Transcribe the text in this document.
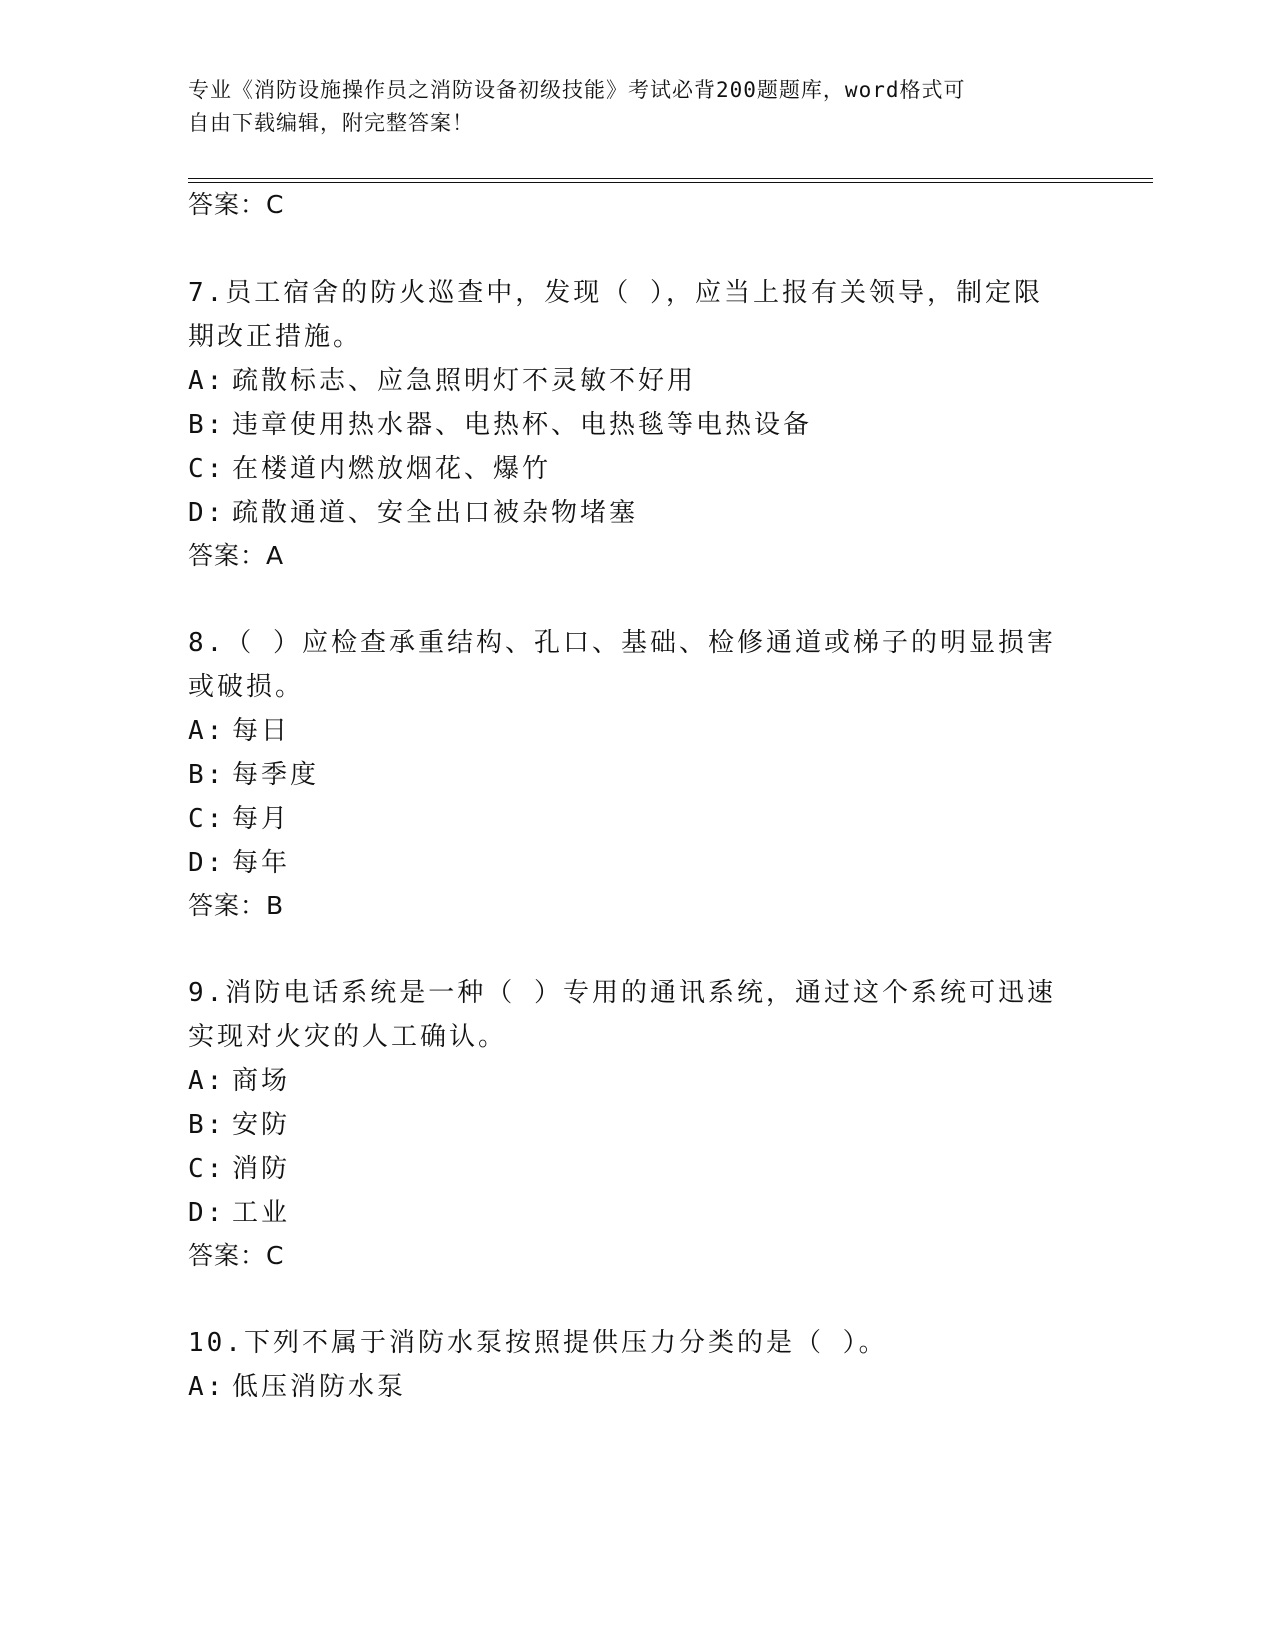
专业《消防设施操作员之消防设备初级技能》考试必背200题题库，word格式可
自由下载编辑，附完整答案！
答案：C
7.员工宿舍的防火巡查中，发现（ ），应当上报有关领导，制定限
期改正措施。
A: 疏散标志、应急照明灯不灵敏不好用
B: 违章使用热水器、电热杯、电热毯等电热设备
C: 在楼道内燃放烟花、爆竹
D: 疏散通道、安全出口被杂物堵塞
答案：A
8.（ ）应检查承重结构、孔口、基础、检修通道或梯子的明显损害
或破损。
A: 每日
B: 每季度
C: 每月
D: 每年
答案：B
9.消防电话系统是一种（ ）专用的通讯系统，通过这个系统可迅速
实现对火灾的人工确认。
A: 商场
B: 安防
C: 消防
D: 工业
答案：C
10.下列不属于消防水泵按照提供压力分类的是（ ）。
A: 低压消防水泵
